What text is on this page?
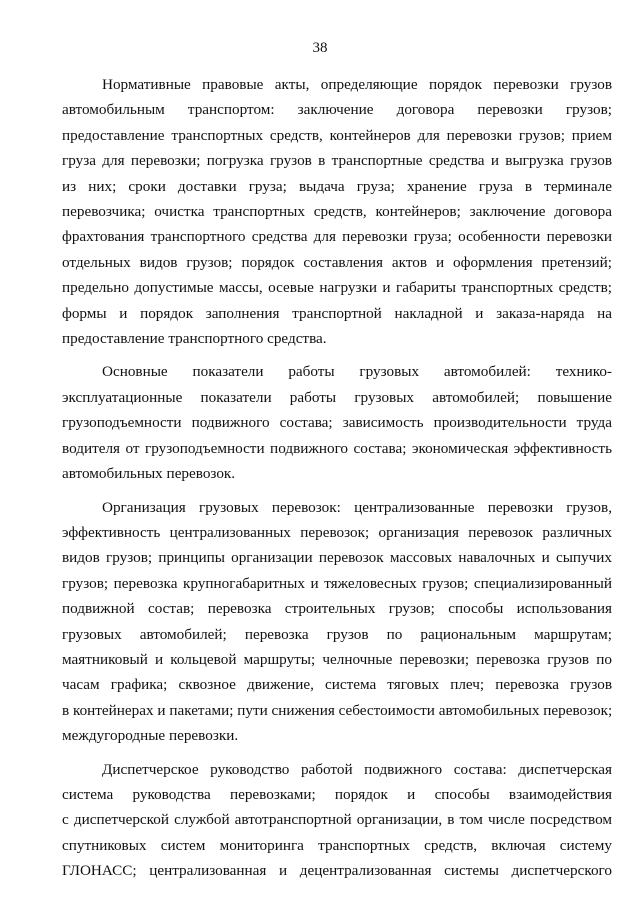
38
Нормативные правовые акты, определяющие порядок перевозки грузов
автомобильным транспортом: заключение договора перевозки грузов;
предоставление транспортных средств, контейнеров для перевозки грузов; прием
груза для перевозки; погрузка грузов в транспортные средства и выгрузка грузов
из них; сроки доставки груза; выдача груза; хранение груза в терминале
перевозчика; очистка транспортных средств, контейнеров; заключение договора
фрахтования транспортного средства для перевозки груза; особенности перевозки
отдельных видов грузов; порядок составления актов и оформления претензий;
предельно допустимые массы, осевые нагрузки и габариты транспортных средств;
формы и порядок заполнения транспортной накладной и заказа-наряда на
предоставление транспортного средства.
Основные показатели работы грузовых автомобилей: технико-
эксплуатационные показатели работы грузовых автомобилей; повышение
грузоподъемности подвижного состава; зависимость производительности труда
водителя от грузоподъемности подвижного состава; экономическая эффективность
автомобильных перевозок.
Организация грузовых перевозок: централизованные перевозки грузов,
эффективность централизованных перевозок; организация перевозок различных
видов грузов; принципы организации перевозок массовых навалочных и сыпучих
грузов; перевозка крупногабаритных и тяжеловесных грузов; специализированный
подвижной состав; перевозка строительных грузов; способы использования
грузовых автомобилей; перевозка грузов по рациональным маршрутам;
маятниковый и кольцевой маршруты; челночные перевозки; перевозка грузов по
часам графика; сквозное движение, система тяговых плеч; перевозка грузов
в контейнерах и пакетами; пути снижения себестоимости автомобильных перевозок;
междугородные перевозки.
Диспетчерское руководство работой подвижного состава: диспетчерская
система руководства перевозками; порядок и способы взаимодействия
с диспетчерской службой автотранспортной организации, в том числе посредством
спутниковых систем мониторинга транспортных средств, включая систему
ГЛОНАСС; централизованная и децентрализованная системы диспетчерского
